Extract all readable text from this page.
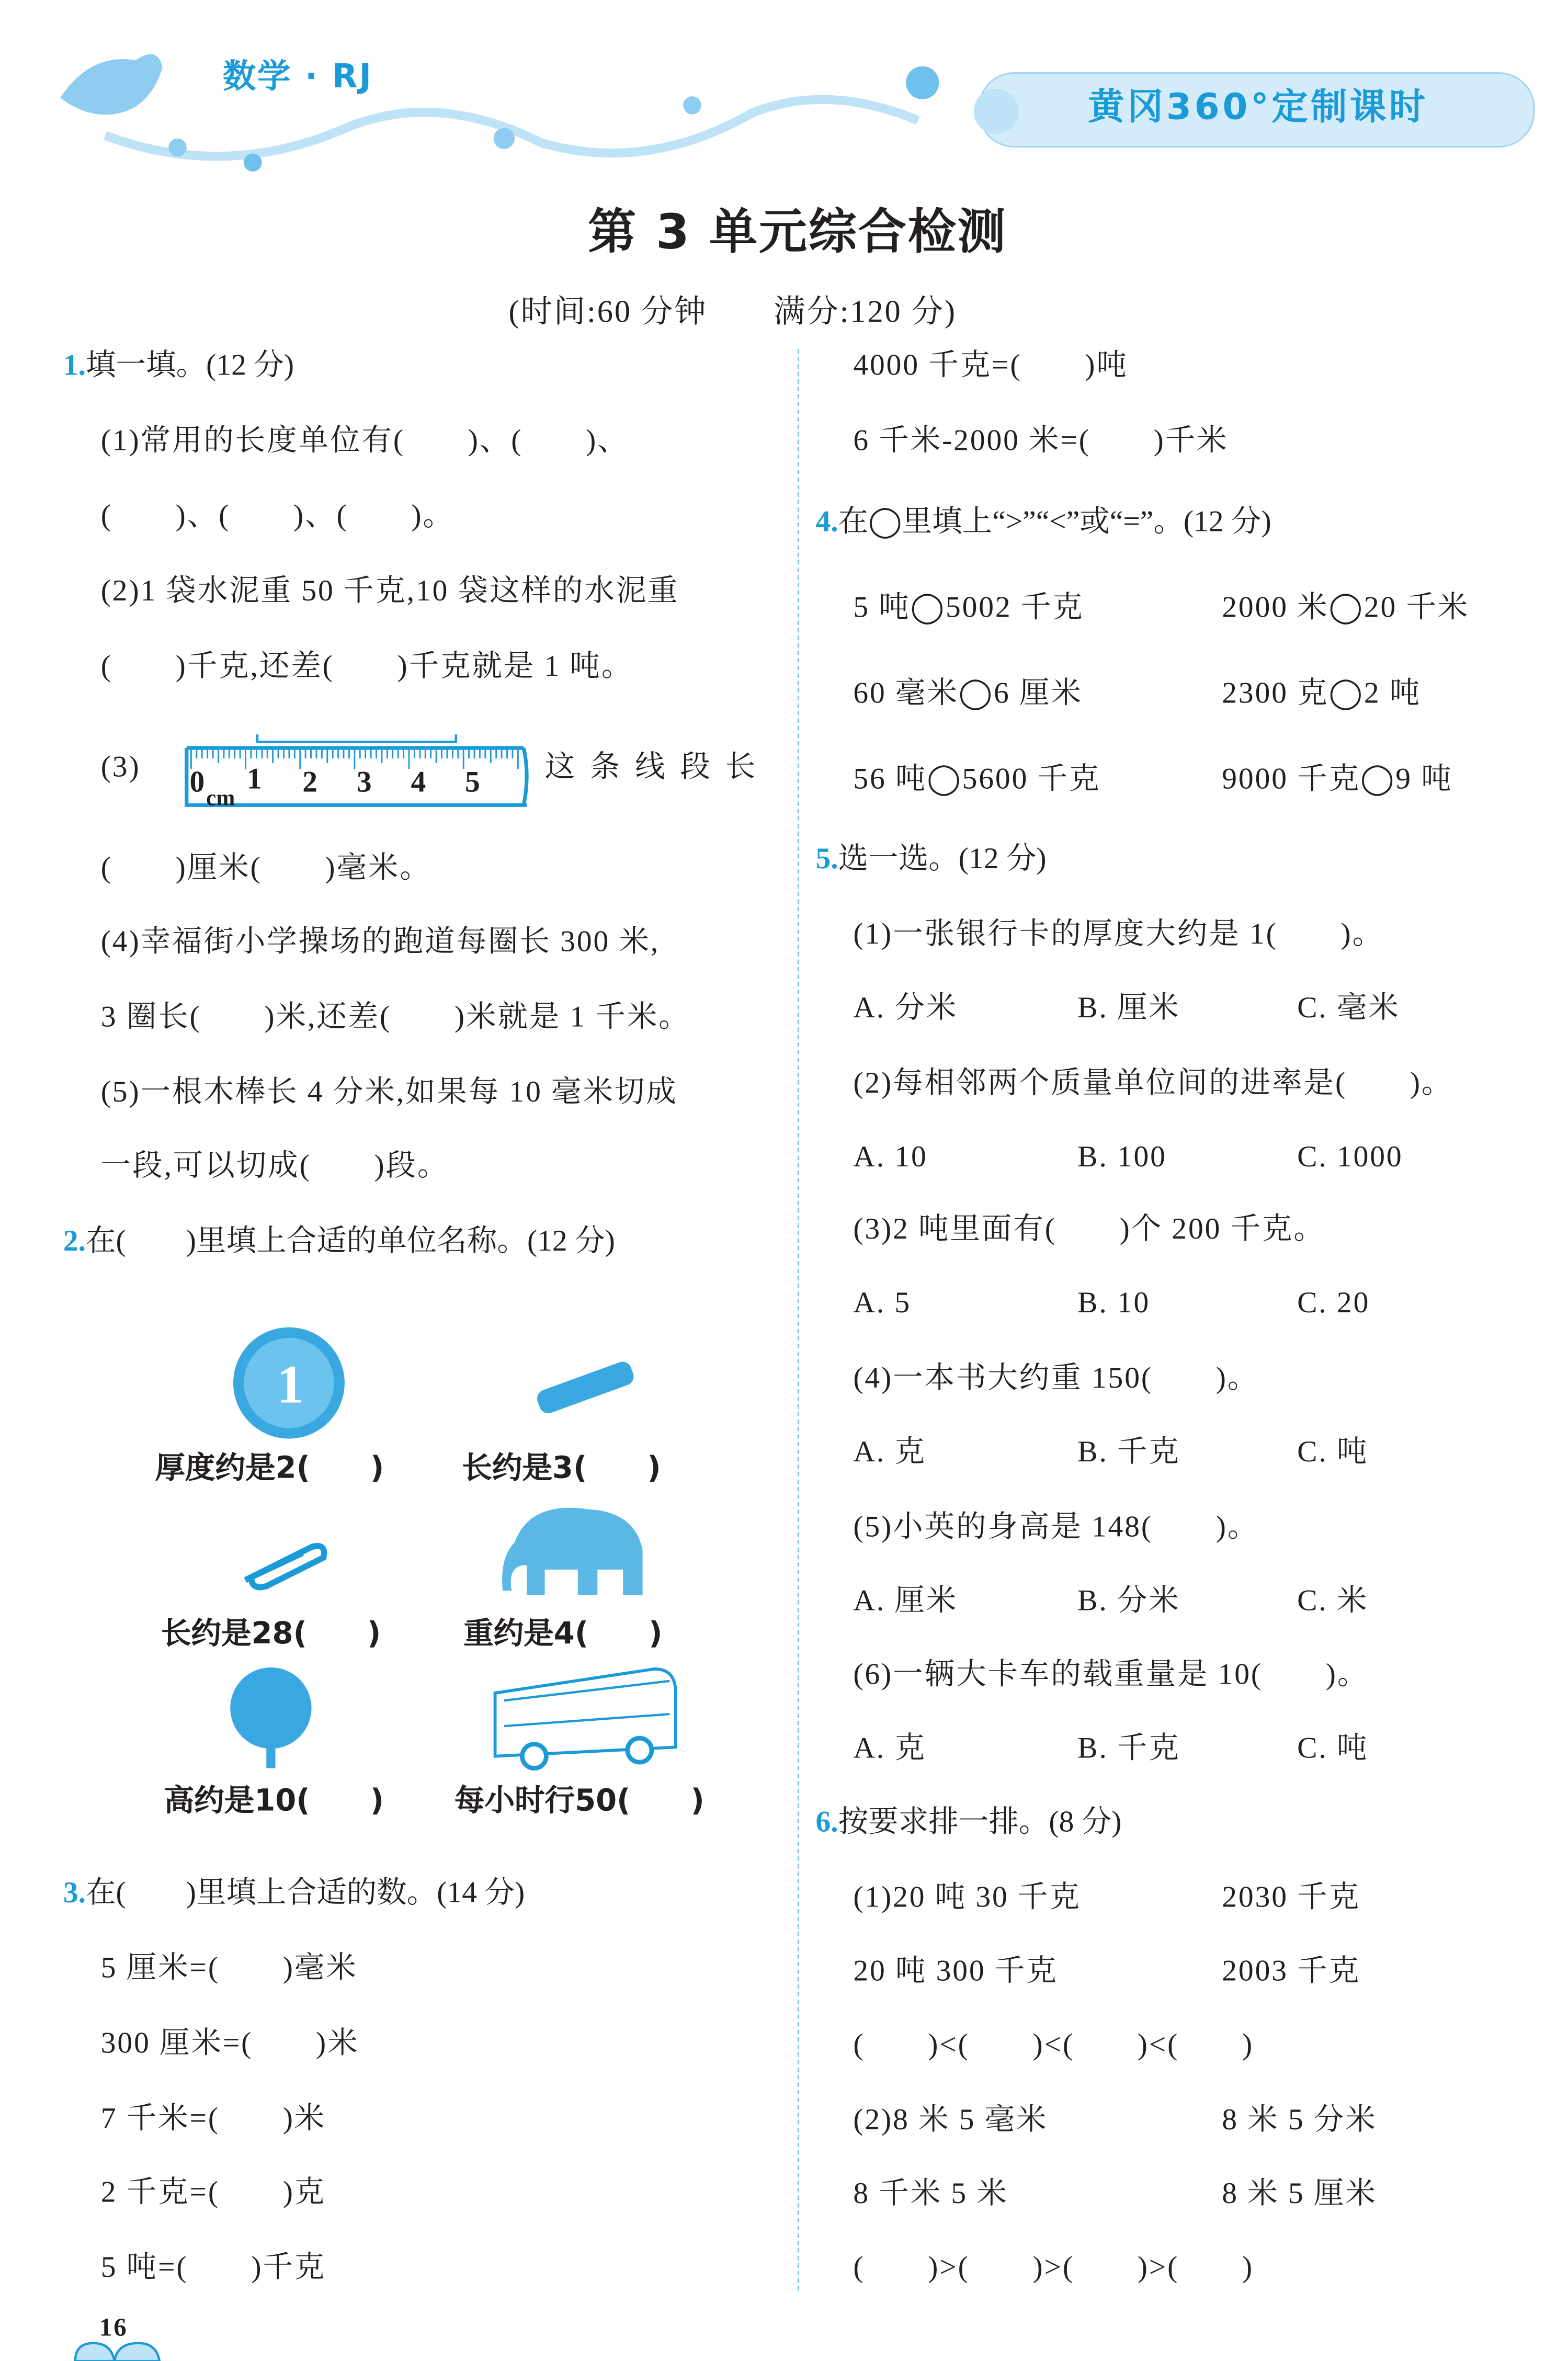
数学 · RJ
黄冈360°定制课时
第 3 单元综合检测
(时间:60 分钟　　满分:120 分)
1.填一填。(12 分)
(1)常用的长度单位有(　　)、(　　)、
(　　)、(　　)、(　　)。
(2)1 袋水泥重 50 千克,10 袋这样的水泥重
(　　)千克,还差(　　)千克就是 1 吨。
(3)	0 cm
1	2	3	4	5	这条线段长
(　　)厘米(　　)毫米。
(4)幸福街小学操场的跑道每圈长 300 米,
3 圈长(　　)米,还差(　　)米就是 1 千米。
(5)一根木棒长 4 分米,如果每 10 毫米切成
一段,可以切成(　　)段。
2.在(　　)里填上合适的单位名称。(12 分)
1
厚度约是2(　　)	长约是3(　　)
长约是28(　　)	重约是4(　　)
高约是10(　　)	每小时行50(　　)
3.在(　　)里填上合适的数。(14 分)
5 厘米=(　　)毫米
300 厘米=(　　)米
7 千米=(　　)米
2 千克=(　　)克
5 吨=(　　)千克
4000 千克=(　　)吨
6 千米-2000 米=(　　)千米
4.在◯里填上“>”“<”或“=”。(12 分)
5 吨◯5002 千克	2000 米◯20 千米
60 毫米◯6 厘米	2300 克◯2 吨
56 吨◯5600 千克	9000 千克◯9 吨
5.选一选。(12 分)
(1)一张银行卡的厚度大约是 1(　　)。
A. 分米	B. 厘米	C. 毫米
(2)每相邻两个质量单位间的进率是(　　)。
A. 10	B. 100	C. 1000
(3)2 吨里面有(　　)个 200 千克。
A. 5	B. 10	C. 20
(4)一本书大约重 150(　　)。
A. 克	B. 千克	C. 吨
(5)小英的身高是 148(　　)。
A. 厘米	B. 分米	C. 米
(6)一辆大卡车的载重量是 10(　　)。
A. 克	B. 千克	C. 吨
6.按要求排一排。(8 分)
(1)20 吨 30 千克	2030 千克
20 吨 300 千克	2003 千克
(　　)<(　　)<(　　)<(　　)
(2)8 米 5 毫米	8 米 5 分米
8 千米 5 米	8 米 5 厘米
(　　)>(　　)>(　　)>(　　)
16
